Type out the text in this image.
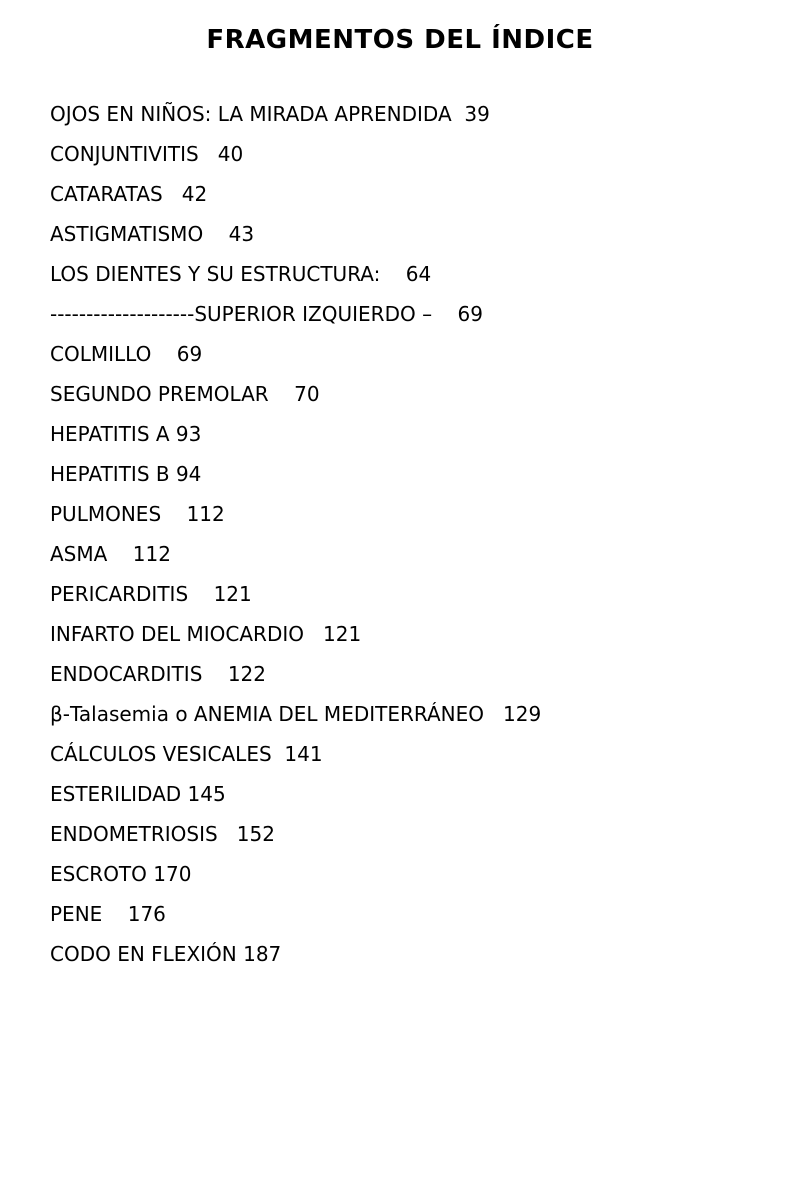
FRAGMENTOS DEL ÍNDICE
OJOS EN NIÑOS: LA MIRADA APRENDIDA  39
CONJUNTIVITIS   40
CATARATAS   42
ASTIGMATISMO    43
LOS DIENTES Y SU ESTRUCTURA:    64
--------------------SUPERIOR IZQUIERDO –    69
COLMILLO    69
SEGUNDO PREMOLAR    70
HEPATITIS A 93
HEPATITIS B 94
PULMONES    112
ASMA    112
PERICARDITIS    121
INFARTO DEL MIOCARDIO   121
ENDOCARDITIS    122
β-Talasemia o ANEMIA DEL MEDITERRÁNEO   129
CÁLCULOS VESICALES  141
ESTERILIDAD 145
ENDOMETRIOSIS   152
ESCROTO 170
PENE    176
CODO EN FLEXIÓN 187
